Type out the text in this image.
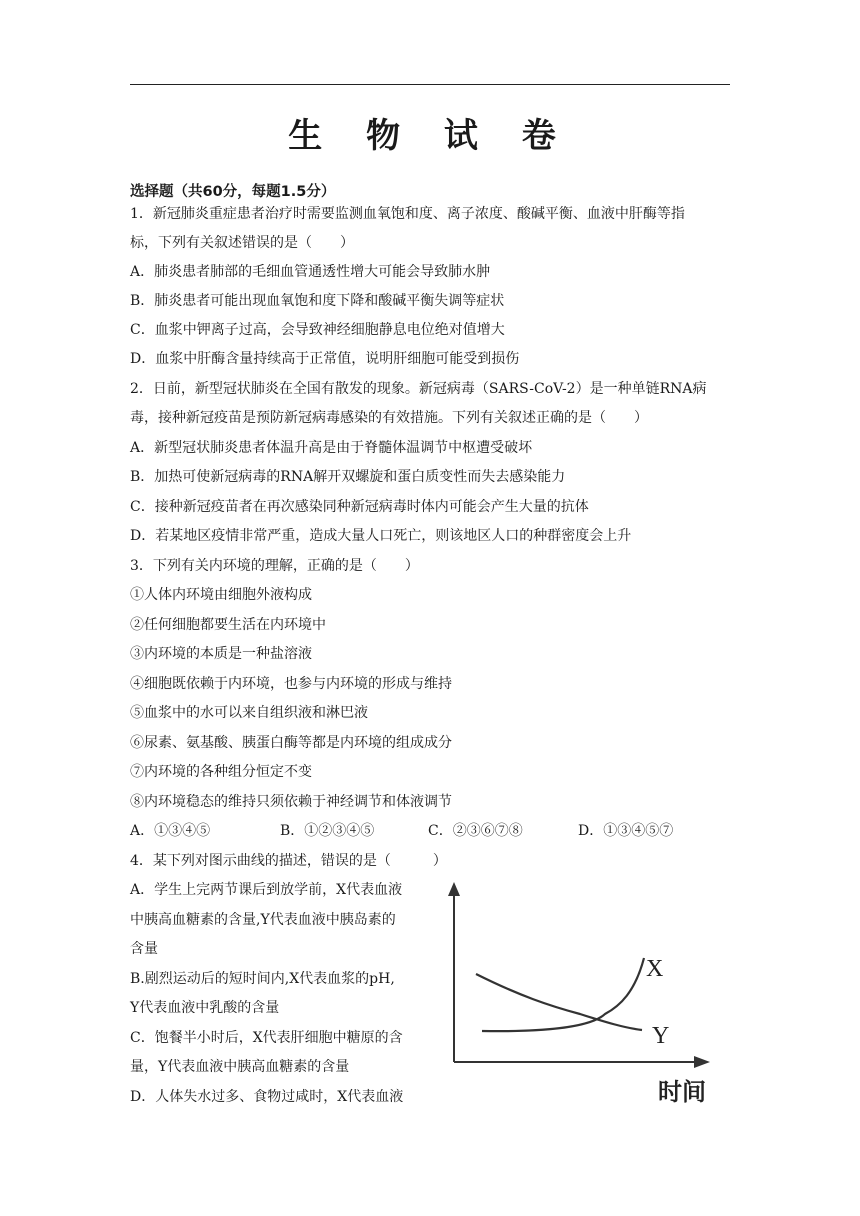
生 物 试 卷
选择题（共60分，每题1.5分）
1．新冠肺炎重症患者治疗时需要监测血氧饱和度、离子浓度、酸碱平衡、血液中肝酶等指
标，下列有关叙述错误的是（　　）
A．肺炎患者肺部的毛细血管通透性增大可能会导致肺水肿
B．肺炎患者可能出现血氧饱和度下降和酸碱平衡失调等症状
C．血浆中钾离子过高，会导致神经细胞静息电位绝对值增大
D．血浆中肝酶含量持续高于正常值，说明肝细胞可能受到损伤
2．日前，新型冠状肺炎在全国有散发的现象。新冠病毒（SARS-CoV-2）是一种单链RNA病
毒，接种新冠疫苗是预防新冠病毒感染的有效措施。下列有关叙述正确的是（　　）
A．新型冠状肺炎患者体温升高是由于脊髓体温调节中枢遭受破坏
B．加热可使新冠病毒的RNA解开双螺旋和蛋白质变性而失去感染能力
C．接种新冠疫苗者在再次感染同种新冠病毒时体内可能会产生大量的抗体
D．若某地区疫情非常严重，造成大量人口死亡，则该地区人口的种群密度会上升
3．下列有关内环境的理解，正确的是（　　）
①人体内环境由细胞外液构成
②任何细胞都要生活在内环境中
③内环境的本质是一种盐溶液
④细胞既依赖于内环境，也参与内环境的形成与维持
⑤血浆中的水可以来自组织液和淋巴液
⑥尿素、氨基酸、胰蛋白酶等都是内环境的组成成分
⑦内环境的各种组分恒定不变
⑧内环境稳态的维持只须依赖于神经调节和体液调节
A．①③④⑤	B．①②③④⑤	C．②③⑥⑦⑧	D．①③④⑤⑦
4．某下列对图示曲线的描述，错误的是（　　　）
A．学生上完两节课后到放学前，X代表血液
中胰高血糖素的含量,Y代表血液中胰岛素的
含量
B.剧烈运动后的短时间内,X代表血浆的pH,
Y代表血液中乳酸的含量
C．饱餐半小时后，X代表肝细胞中糖原的含
量，Y代表血液中胰高血糖素的含量
D．人体失水过多、食物过咸时，X代表血液
X
Y
时间
